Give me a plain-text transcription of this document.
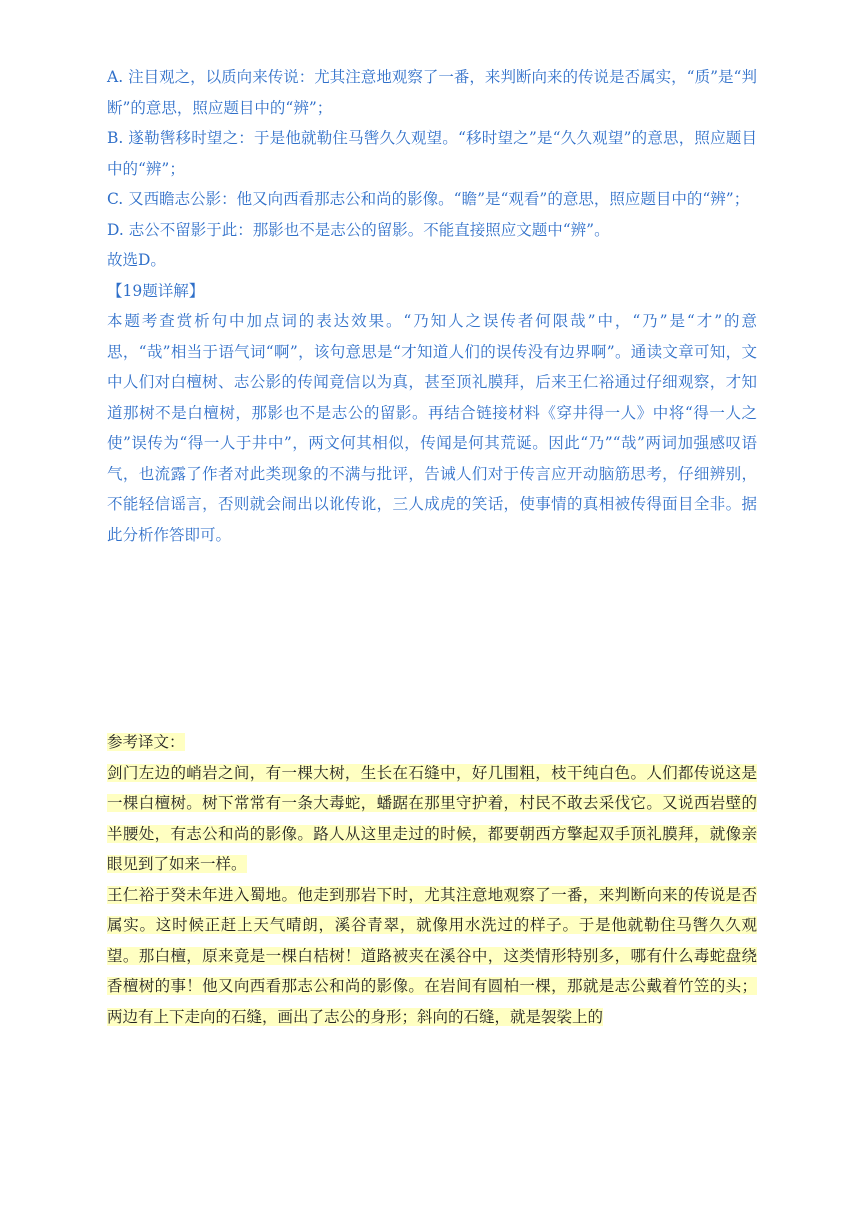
A. 注目观之，以质向来传说：尤其注意地观察了一番，来判断向来的传说是否属实，“质”是“判断”的意思，照应题目中的“辨”；

B. 遂勒辔移时望之：于是他就勒住马辔久久观望。“移时望之”是“久久观望”的意思，照应题目中的“辨”；

C. 又西瞻志公影：他又向西看那志公和尚的影像。“瞻”是“观看”的意思，照应题目中的“辨”；

D. 志公不留影于此：那影也不是志公的留影。不能直接照应文题中“辨”。

故选D。

【19题详解】

本题考查赏析句中加点词的表达效果。“乃知人之误传者何限哉”中，“乃”是“才”的意思，“哉”相当于语气词“啊”，该句意思是“才知道人们的误传没有边界啊”。通读文章可知，文中人们对白檀树、志公影的传闻竟信以为真，甚至顶礼膜拜，后来王仁裕通过仔细观察，才知道那树不是白檀树，那影也不是志公的留影。再结合链接材料《穿井得一人》中将“得一人之使”误传为“得一人于井中”，两文何其相似，传闻是何其荒诞。因此“乃”“哉”两词加强感叹语气，也流露了作者对此类现象的不满与批评，告诫人们对于传言应开动脑筋思考，仔细辨别，不能轻信谣言，否则就会闹出以讹传讹，三人成虎的笑话，使事情的真相被传得面目全非。据此分析作答即可。

参考译文：

剑门左边的峭岩之间，有一棵大树，生长在石缝中，好几围粗，枝干纯白色。人们都传说这是一棵白檀树。树下常常有一条大毒蛇，蟠踞在那里守护着，村民不敢去采伐它。又说西岩壁的半腰处，有志公和尚的影像。路人从这里走过的时候，都要朝西方擎起双手顶礼膜拜，就像亲眼见到了如来一样。

王仁裕于癸未年进入蜀地。他走到那岩下时，尤其注意地观察了一番，来判断向来的传说是否属实。这时候正赶上天气晴朗，溪谷青翠，就像用水洗过的样子。于是他就勒住马辔久久观望。那白檀，原来竟是一棵白桔树！道路被夹在溪谷中，这类情形特别多，哪有什么毒蛇盘绕香檀树的事！他又向西看那志公和尚的影像。在岩间有圆柏一棵，那就是志公戴着竹笠的头；两边有上下走向的石缝，画出了志公的身形；斜向的石缝，就是袈裟上的
